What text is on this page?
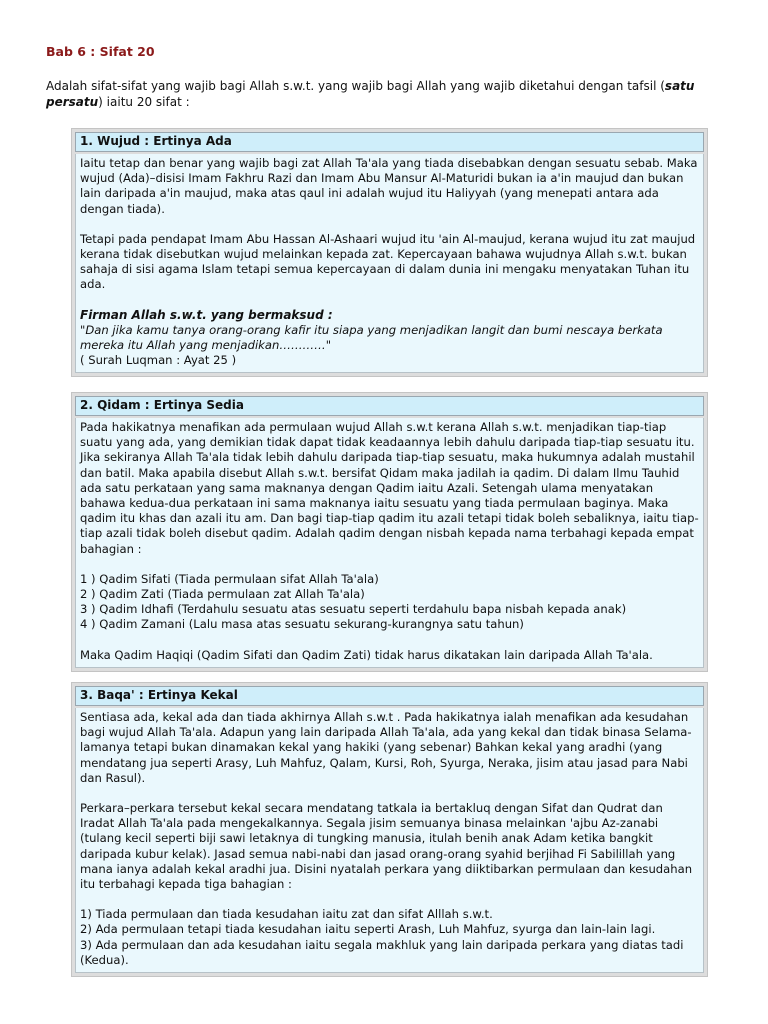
Bab 6 : Sifat 20

Adalah sifat-sifat yang wajib bagi Allah s.w.t. yang wajib bagi Allah yang wajib diketahui dengan tafsil (satu persatu) iaitu 20 sifat :

1. Wujud : Ertinya Ada

Iaitu tetap dan benar yang wajib bagi zat Allah Ta'ala yang tiada disebabkan dengan sesuatu sebab. Maka wujud (Ada)–disisi Imam Fakhru Razi dan Imam Abu Mansur Al-Maturidi bukan ia a'in maujud dan bukan lain daripada a'in maujud, maka atas qaul ini adalah wujud itu Haliyyah (yang menepati antara ada dengan tiada).

Tetapi pada pendapat Imam Abu Hassan Al-Ashaari wujud itu 'ain Al-maujud, kerana wujud itu zat maujud kerana tidak disebutkan wujud melainkan kepada zat. Kepercayaan bahawa wujudnya Allah s.w.t. bukan sahaja di sisi agama Islam tetapi semua kepercayaan di dalam dunia ini mengaku menyatakan Tuhan itu ada.

Firman Allah s.w.t. yang bermaksud :
"Dan jika kamu tanya orang-orang kafir itu siapa yang menjadikan langit dan bumi nescaya berkata mereka itu Allah yang menjadikan…………"
( Surah Luqman : Ayat 25 )
2. Qidam : Ertinya Sedia

Pada hakikatnya menafikan ada permulaan wujud Allah s.w.t kerana Allah s.w.t. menjadikan tiap-tiap suatu yang ada, yang demikian tidak dapat tidak keadaannya lebih dahulu daripada tiap-tiap sesuatu itu. Jika sekiranya Allah Ta'ala tidak lebih dahulu daripada tiap-tiap sesuatu, maka hukumnya adalah mustahil dan batil. Maka apabila disebut Allah s.w.t. bersifat Qidam maka jadilah ia qadim. Di dalam Ilmu Tauhid ada satu perkataan yang sama maknanya dengan Qadim iaitu Azali. Setengah ulama menyatakan bahawa kedua-dua perkataan ini sama maknanya iaitu sesuatu yang tiada permulaan baginya. Maka qadim itu khas dan azali itu am. Dan bagi tiap-tiap qadim itu azali tetapi tidak boleh sebaliknya, iaitu tiap-tiap azali tidak boleh disebut qadim. Adalah qadim dengan nisbah kepada nama terbahagi kepada empat bahagian :

1 ) Qadim Sifati (Tiada permulaan sifat Allah Ta'ala)
2 ) Qadim Zati (Tiada permulaan zat Allah Ta'ala)
3 ) Qadim Idhafi (Terdahulu sesuatu atas sesuatu seperti terdahulu bapa nisbah kepada anak)
4 ) Qadim Zamani (Lalu masa atas sesuatu sekurang-kurangnya satu tahun)

Maka Qadim Haqiqi (Qadim Sifati dan Qadim Zati) tidak harus dikatakan lain daripada Allah Ta'ala.

3. Baqa' : Ertinya Kekal

Sentiasa ada, kekal ada dan tiada akhirnya Allah s.w.t . Pada hakikatnya ialah menafikan ada kesudahan bagi wujud Allah Ta'ala. Adapun yang lain daripada Allah Ta'ala, ada yang kekal dan tidak binasa Selama-lamanya tetapi bukan dinamakan kekal yang hakiki (yang sebenar) Bahkan kekal yang aradhi (yang mendatang jua seperti Arasy, Luh Mahfuz, Qalam, Kursi, Roh, Syurga, Neraka, jisim atau jasad para Nabi dan Rasul).

Perkara–perkara tersebut kekal secara mendatang tatkala ia bertakluq dengan Sifat dan Qudrat dan Iradat Allah Ta'ala pada mengekalkannya. Segala jisim semuanya binasa melainkan 'ajbu Az-zanabi (tulang kecil seperti biji sawi letaknya di tungking manusia, itulah benih anak Adam ketika bangkit daripada kubur kelak). Jasad semua nabi-nabi dan jasad orang-orang syahid berjihad Fi Sabilillah yang mana ianya adalah kekal aradhi jua. Disini nyatalah perkara yang diiktibarkan permulaan dan kesudahan itu terbahagi kepada tiga bahagian :

1) Tiada permulaan dan tiada kesudahan iaitu zat dan sifat Alllah s.w.t.
2) Ada permulaan tetapi tiada kesudahan iaitu seperti Arash, Luh Mahfuz, syurga dan lain-lain lagi.
3) Ada permulaan dan ada kesudahan iaitu segala makhluk yang lain daripada perkara yang diatas tadi (Kedua).
